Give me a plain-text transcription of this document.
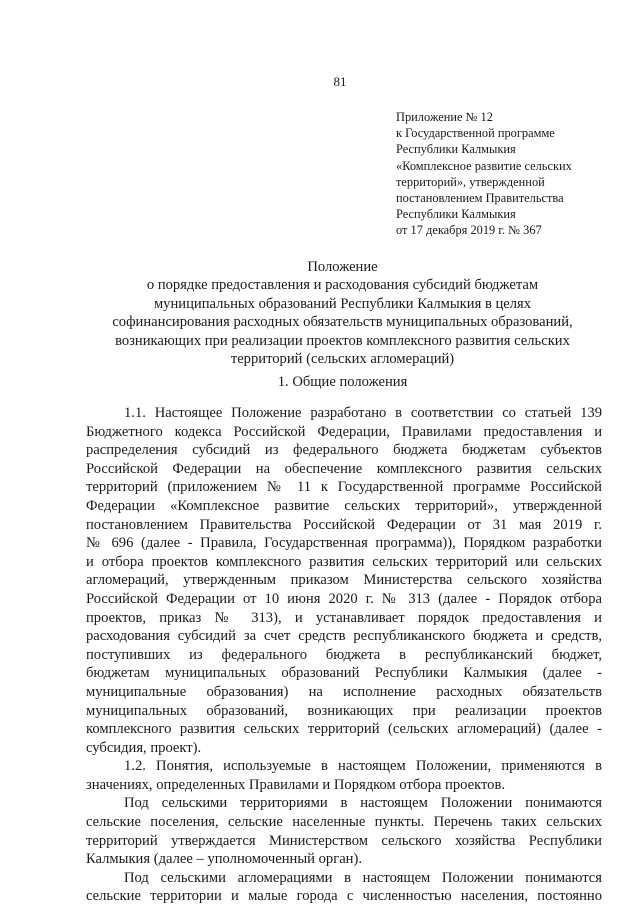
81
Приложение № 12
к Государственной программе
Республики Калмыкия
«Комплексное развитие сельских
территорий», утвержденной
постановлением Правительства
Республики Калмыкия
от 17 декабря 2019 г. № 367
Положение
о порядке предоставления и расходования субсидий бюджетам
муниципальных образований Республики Калмыкия в целях
софинансирования расходных обязательств муниципальных образований,
возникающих при реализации проектов комплексного развития сельских
территорий (сельских агломераций)
1. Общие положения
1.1. Настоящее Положение разработано в соответствии со статьей 139
Бюджетного кодекса Российской Федерации, Правилами предоставления и
распределения субсидий из федерального бюджета бюджетам субъектов
Российской Федерации на обеспечение комплексного развития сельских
территорий (приложением № 11 к Государственной программе Российской
Федерации «Комплексное развитие сельских территорий», утвержденной
постановлением Правительства Российской Федерации от 31 мая 2019 г.
№ 696 (далее - Правила, Государственная программа)), Порядком разработки
и отбора проектов комплексного развития сельских территорий или сельских
агломераций, утвержденным приказом Министерства сельского хозяйства
Российской Федерации от 10 июня 2020 г. № 313 (далее - Порядок отбора
проектов, приказ № 313), и устанавливает порядок предоставления и
расходования субсидий за счет средств республиканского бюджета и средств,
поступивших из федерального бюджета в республиканский бюджет,
бюджетам муниципальных образований Республики Калмыкия (далее -
муниципальные образования) на исполнение расходных обязательств
муниципальных образований, возникающих при реализации проектов
комплексного развития сельских территорий (сельских агломераций) (далее -
субсидия, проект).
1.2. Понятия, используемые в настоящем Положении, применяются в
значениях, определенных Правилами и Порядком отбора проектов.
Под сельскими территориями в настоящем Положении понимаются
сельские поселения, сельские населенные пункты. Перечень таких сельских
территорий утверждается Министерством сельского хозяйства Республики
Калмыкия (далее – уполномоченный орган).
Под сельскими агломерациями в настоящем Положении понимаются
сельские территории и малые города с численностью населения, постоянно
